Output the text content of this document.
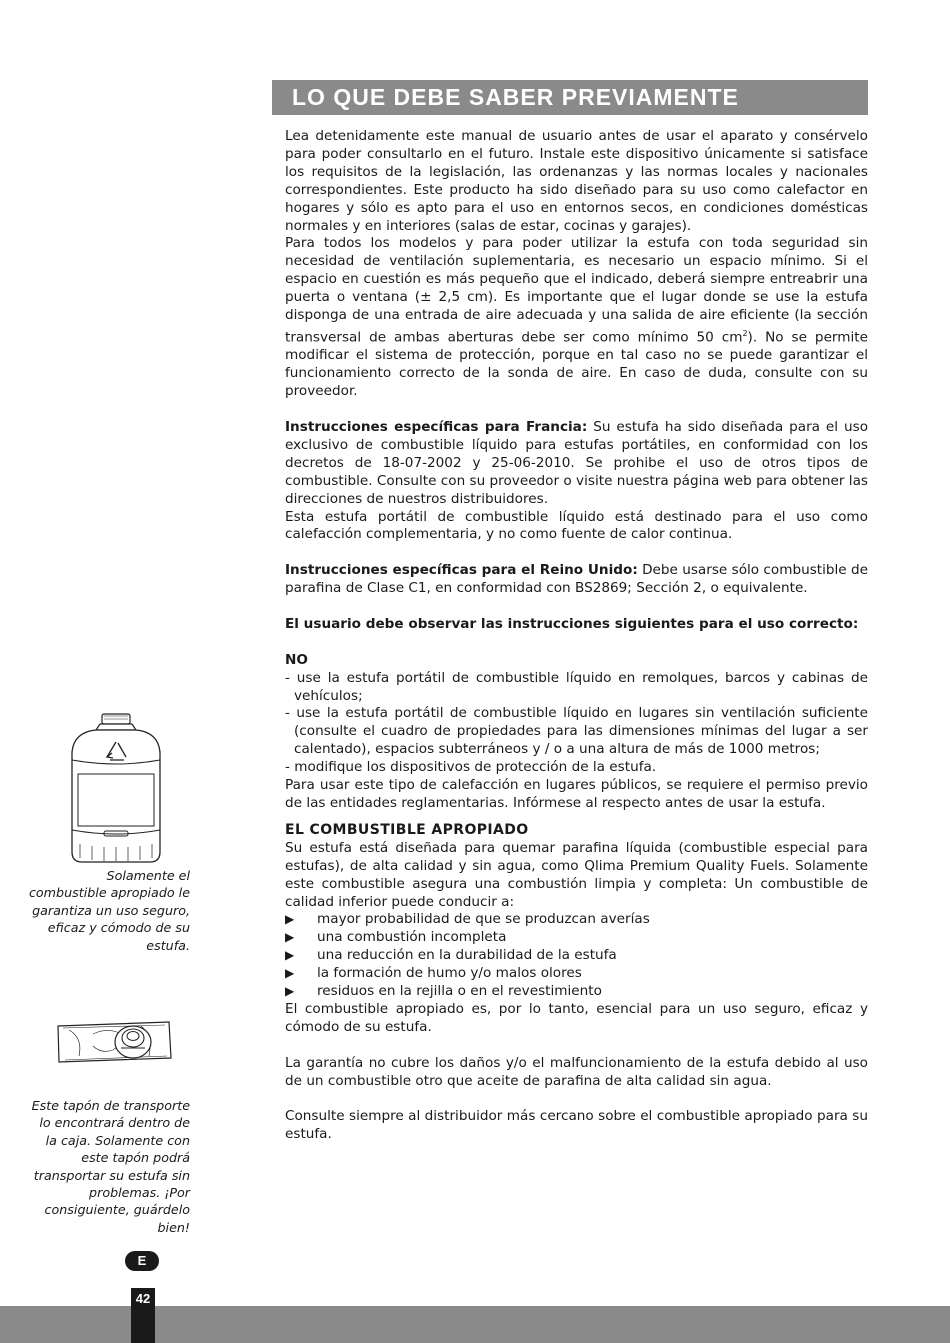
LO QUE DEBE SABER PREVIAMENTE

Lea detenidamente este manual de usuario antes de usar el aparato y consérvelo para poder consultarlo en el futuro. Instale este dispositivo únicamente si satisface los requisitos de la legislación, las ordenanzas y las normas locales y nacionales correspondientes. Este producto ha sido diseñado para su uso como calefactor en hogares y sólo es apto para el uso en entornos secos, en condiciones domésticas normales y en interiores (salas de estar, cocinas y garajes).

Para todos los modelos y para poder utilizar la estufa con toda seguridad sin necesidad de ventilación suplementaria, es necesario un espacio mínimo. Si el espacio en cuestión es más pequeño que el indicado, deberá siempre entreabrir una puerta o ventana (± 2,5 cm). Es importante que el lugar donde se use la estufa disponga de una entrada de aire adecuada y una salida de aire eficiente (la sección transversal de ambas aberturas debe ser como mínimo 50 $cm^2$). No se permite modificar el sistema de protección, porque en tal caso no se puede garantizar el funcionamiento correcto de la sonda de aire. En caso de duda, consulte con su proveedor.

Instrucciones específicas para Francia: Su estufa ha sido diseñada para el uso exclusivo de combustible líquido para estufas portátiles, en conformidad con los decretos de 18-07-2002 y 25-06-2010. Se prohibe el uso de otros tipos de combustible. Consulte con su proveedor o visite nuestra página web para obtener las direcciones de nuestros distribuidores.

Esta estufa portátil de combustible líquido está destinado para el uso como calefacción complementaria, y no como fuente de calor continua.

Instrucciones específicas para el Reino Unido: Debe usarse sólo combustible de parafina de Clase C1, en conformidad con BS2869; Sección 2, o equivalente.

El usuario debe observar las instrucciones siguientes para el uso correcto:

NO

- use la estufa portátil de combustible líquido en remolques, barcos y cabinas de vehículos;

- use la estufa portátil de combustible líquido en lugares sin ventilación suficiente (consulte el cuadro de propiedades para las dimensiones mínimas del lugar a ser calentado), espacios subterráneos y / o a una altura de más de 1000 metros;

- modifique los dispositivos de protección de la estufa.

Para usar este tipo de calefacción en lugares públicos, se requiere el permiso previo de las entidades reglamentarias. Infórmese al respecto antes de usar la estufa.

EL COMBUSTIBLE APROPIADO

Su estufa está diseñada para quemar parafina líquida (combustible especial para estufas), de alta calidad y sin agua, como Qlima Premium Quality Fuels. Solamente este combustible asegura una combustión limpia y completa: Un combustible de calidad inferior puede conducir a:

▶	mayor probabilidad de que se produzcan averías
▶	una combustión incompleta
▶	una reducción en la durabilidad de la estufa
▶	la formación de humo y/o malos olores
▶	residuos en la rejilla o en el revestimiento

El combustible apropiado es, por lo tanto, esencial para un uso seguro, eficaz y cómodo de su estufa.

La garantía no cubre los daños y/o el malfuncionamiento de la estufa debido al uso de un combustible otro que aceite de parafina de alta calidad sin agua.

Consulte siempre al distribuidor más cercano sobre el combustible apropiado para su estufa.

Solamente el combustible apropiado le garantiza un uso seguro, eficaz y cómodo de su estufa.
Este tapón de transporte lo encontrará dentro de la caja. Solamente con este tapón podrá transportar su estufa sin problemas. ¡Por consiguiente, guárdelo bien!
E
42
